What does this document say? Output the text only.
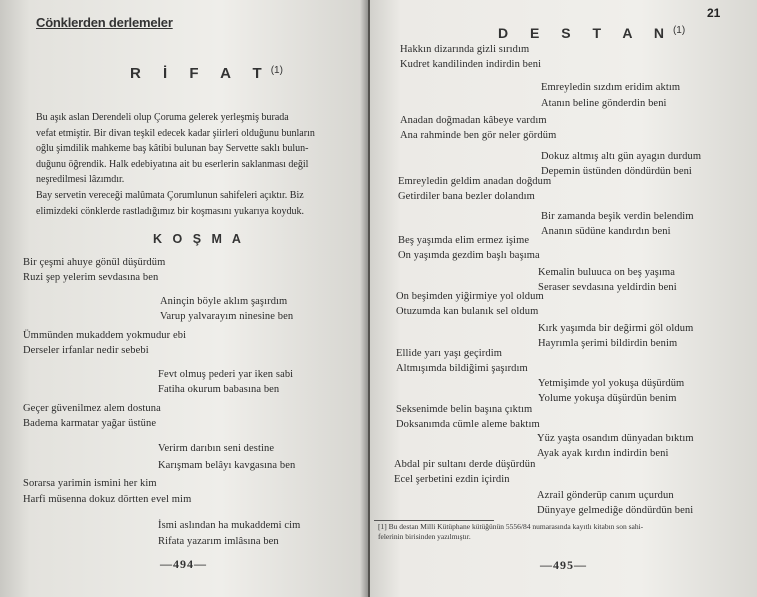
Cönklerden derlemeler
R İ F A $T^{(1)}$
Bu aşık aslan Derendeli olup Çoruma gelerek yerleşmiş burada
vefat etmiştir. Bir divan teşkil edecek kadar şiirleri olduğunu bunların
oğlu şimdilik mahkeme baş kâtibi bulunan bay Servette saklı bulun-
duğunu öğrendik. Halk edebiyatına ait bu eserlerin saklanması değil
neşredilmesi lâzımdır.
Bay servetin vereceği malûmata Çorumlunun sahifeleri açıktır. Biz
elimizdeki cönklerde rastladığımız bir koşmasını yukarıya koyduk.
K O Ş M A
Bir çeşmi ahuye gönül düşürdüm
Ruzi şep yelerim sevdasına ben
Aninçin böyle aklım şaşırdım
Varup yalvarayım ninesine ben
Ümmünden mukaddem yokmudur ebi
Derseler irfanlar nedir sebebi
Fevt olmuş pederi yar iken sabi
Fatiha okurum babasına ben
Geçer güvenilmez alem dostuna
Badema karmatar yağar üstüne
Verirm darıbın seni destine
Karışmam belâyı kavgasına ben
Sorarsa yarimin ismini her kim
Harfi müsenna dokuz dörtten evel mim
İsmi aslından ha mukaddemi cim
Rifata yazarım imlâsına ben
—494—
21
D E S T A $N^{(1)}$
Hakkın dizarında gizli sırıdım
Kudret kandilinden indirdin beni
Emreyledin sızdım eridim aktım
Atanın beline gönderdin beni
Anadan doğmadan kâbeye vardım
Ana rahminde ben gör neler gördüm
Dokuz altmış altı gün ayagın durdum
Depemin üstünden döndürdün beni
Emreyledin geldim anadan doğdum
Getirdiler bana bezler dolandım
Bir zamanda beşik verdin belendim
Ananın südüne kandırdın beni
Beş yaşımda elim ermez işime
On yaşımda gezdim başlı başıma
Kemalin buluuca on beş yaşıma
Seraser sevdasına yeldirdin beni
On beşimden yiğirmiye yol oldum
Otuzumda kan bulanık sel oldum
Kırk yaşımda bir değirmi göl oldum
Hayrımla şerimi bildirdin benim
Ellide yarı yaşı geçirdim
Altmışımda bildiğimi şaşırdım
Yetmişimde yol yokuşa düşürdüm
Yolume yokuşa düşürdün benim
Seksenimde belin başına çıktım
Doksanımda cümle aleme baktım
Yüz yaşta osandım dünyadan bıktım
Ayak ayak kırdın indirdin beni
Abdal pir sultanı derde düşürdün
Ecel şerbetini ezdin içirdin
Azrail gönderüp canım uçurdun
Dünyaye gelmediğe döndürdün beni
[1] Bu destan Milli Kütüphane kütüğünün 5556/84 numarasında kayıtlı kitabın son sahi-
felerinin birisinden yazılmıştır.
—495—
